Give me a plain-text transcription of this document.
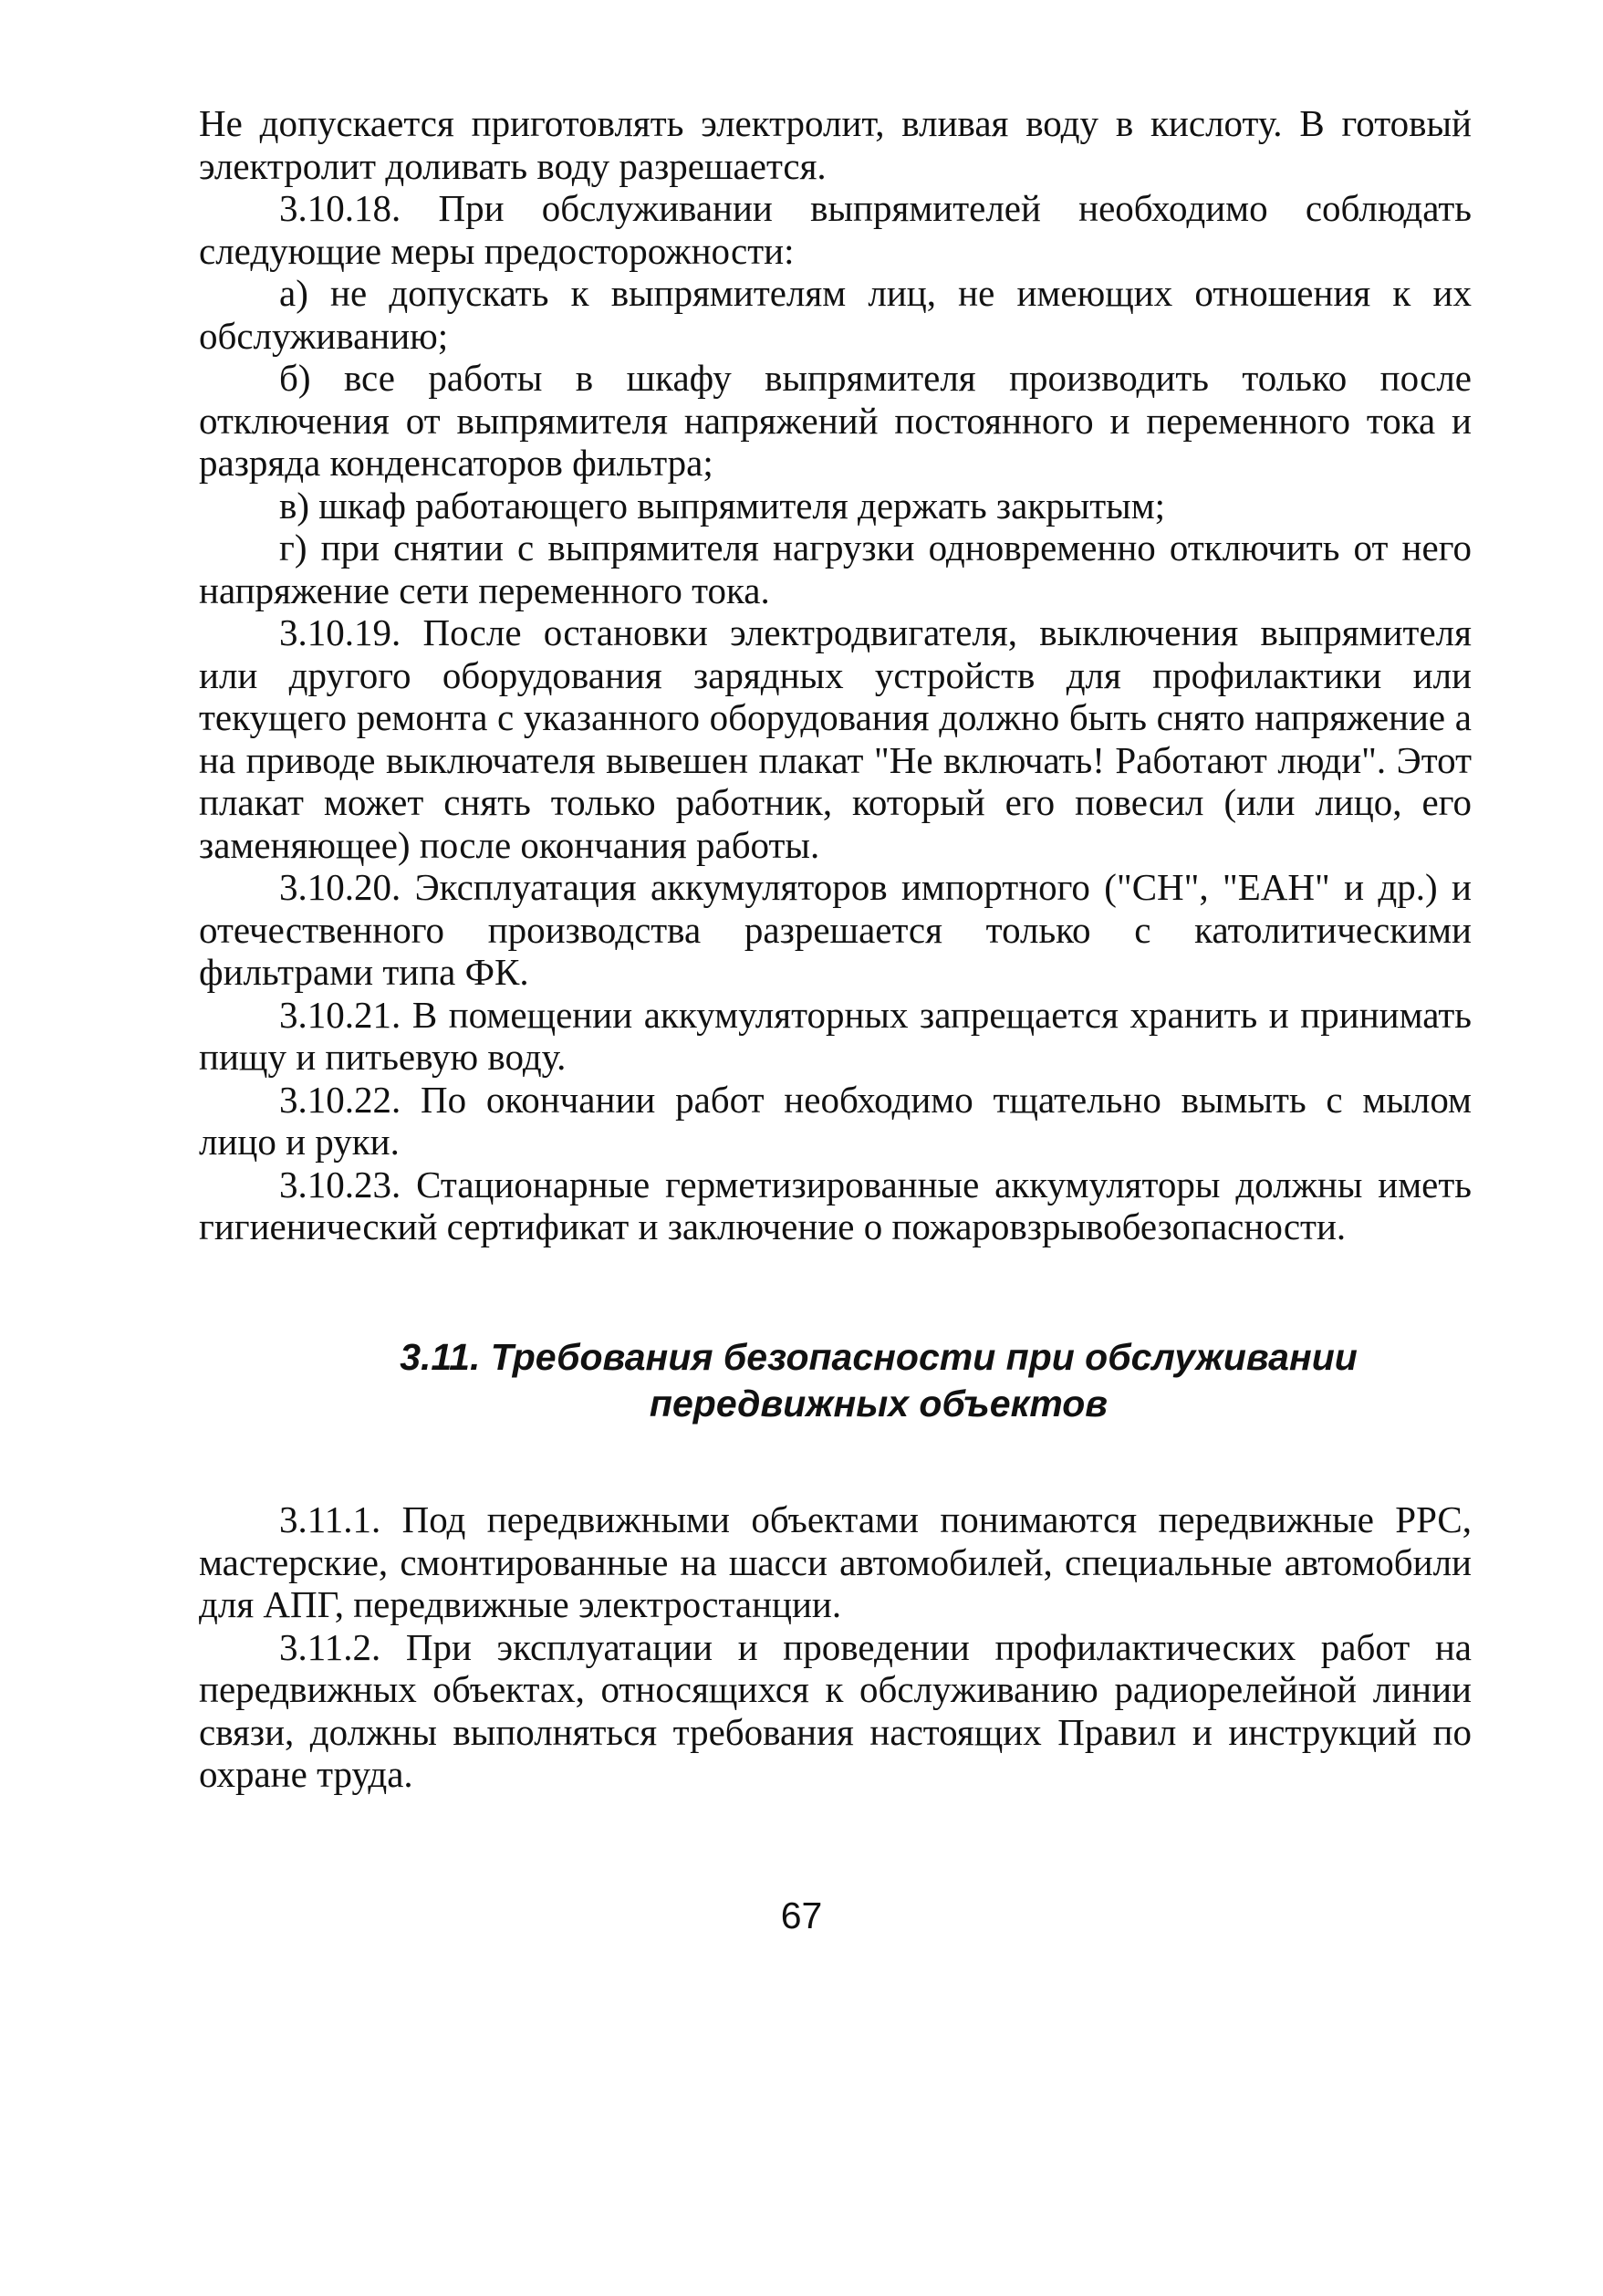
Не допускается приготовлять электролит, вливая воду в кислоту. В готовый электролит доливать воду разрешается.

3.10.18. При обслуживании выпрямителей необходимо соблюдать следующие меры предосторожности:

а) не допускать к выпрямителям лиц, не имеющих отношения к их обслуживанию;

б) все работы в шкафу выпрямителя производить только после отключения от выпрямителя напряжений постоянного и переменного тока и разряда конденсаторов фильтра;

в) шкаф работающего выпрямителя держать закрытым;

г) при снятии с выпрямителя нагрузки одновременно отключить от него напряжение сети переменного тока.

3.10.19. После остановки электродвигателя, выключения выпрямителя или другого оборудования зарядных устройств для профилактики или текущего ремонта с указанного оборудования должно быть снято напряжение а на приводе выключателя вывешен плакат "Не включать! Работают люди". Этот плакат может снять только работник, который его повесил (или лицо, его заменяющее) после окончания работы.

3.10.20. Эксплуатация аккумуляторов импортного ("СН", "ЕАН" и др.) и отечественного производства разрешается только с католитическими фильтрами типа ФК.

3.10.21. В помещении аккумуляторных запрещается хранить и принимать пищу и питьевую воду.

3.10.22. По окончании работ необходимо тщательно вымыть с мылом лицо и руки.

3.10.23. Стационарные герметизированные аккумуляторы должны иметь гигиенический сертификат и заключение о пожаровзрывобезопасности.

3.11. Требования безопасности при обслуживании
передвижных объектов

3.11.1. Под передвижными объектами понимаются передвижные РРС, мастерские, смонтированные на шасси автомобилей, специальные автомобили для АПГ, передвижные электростанции.

3.11.2. При эксплуатации и проведении профилактических работ на передвижных объектах, относящихся к обслуживанию радиорелейной линии связи, должны выполняться требования настоящих Правил и инструкций по охране труда.

67
